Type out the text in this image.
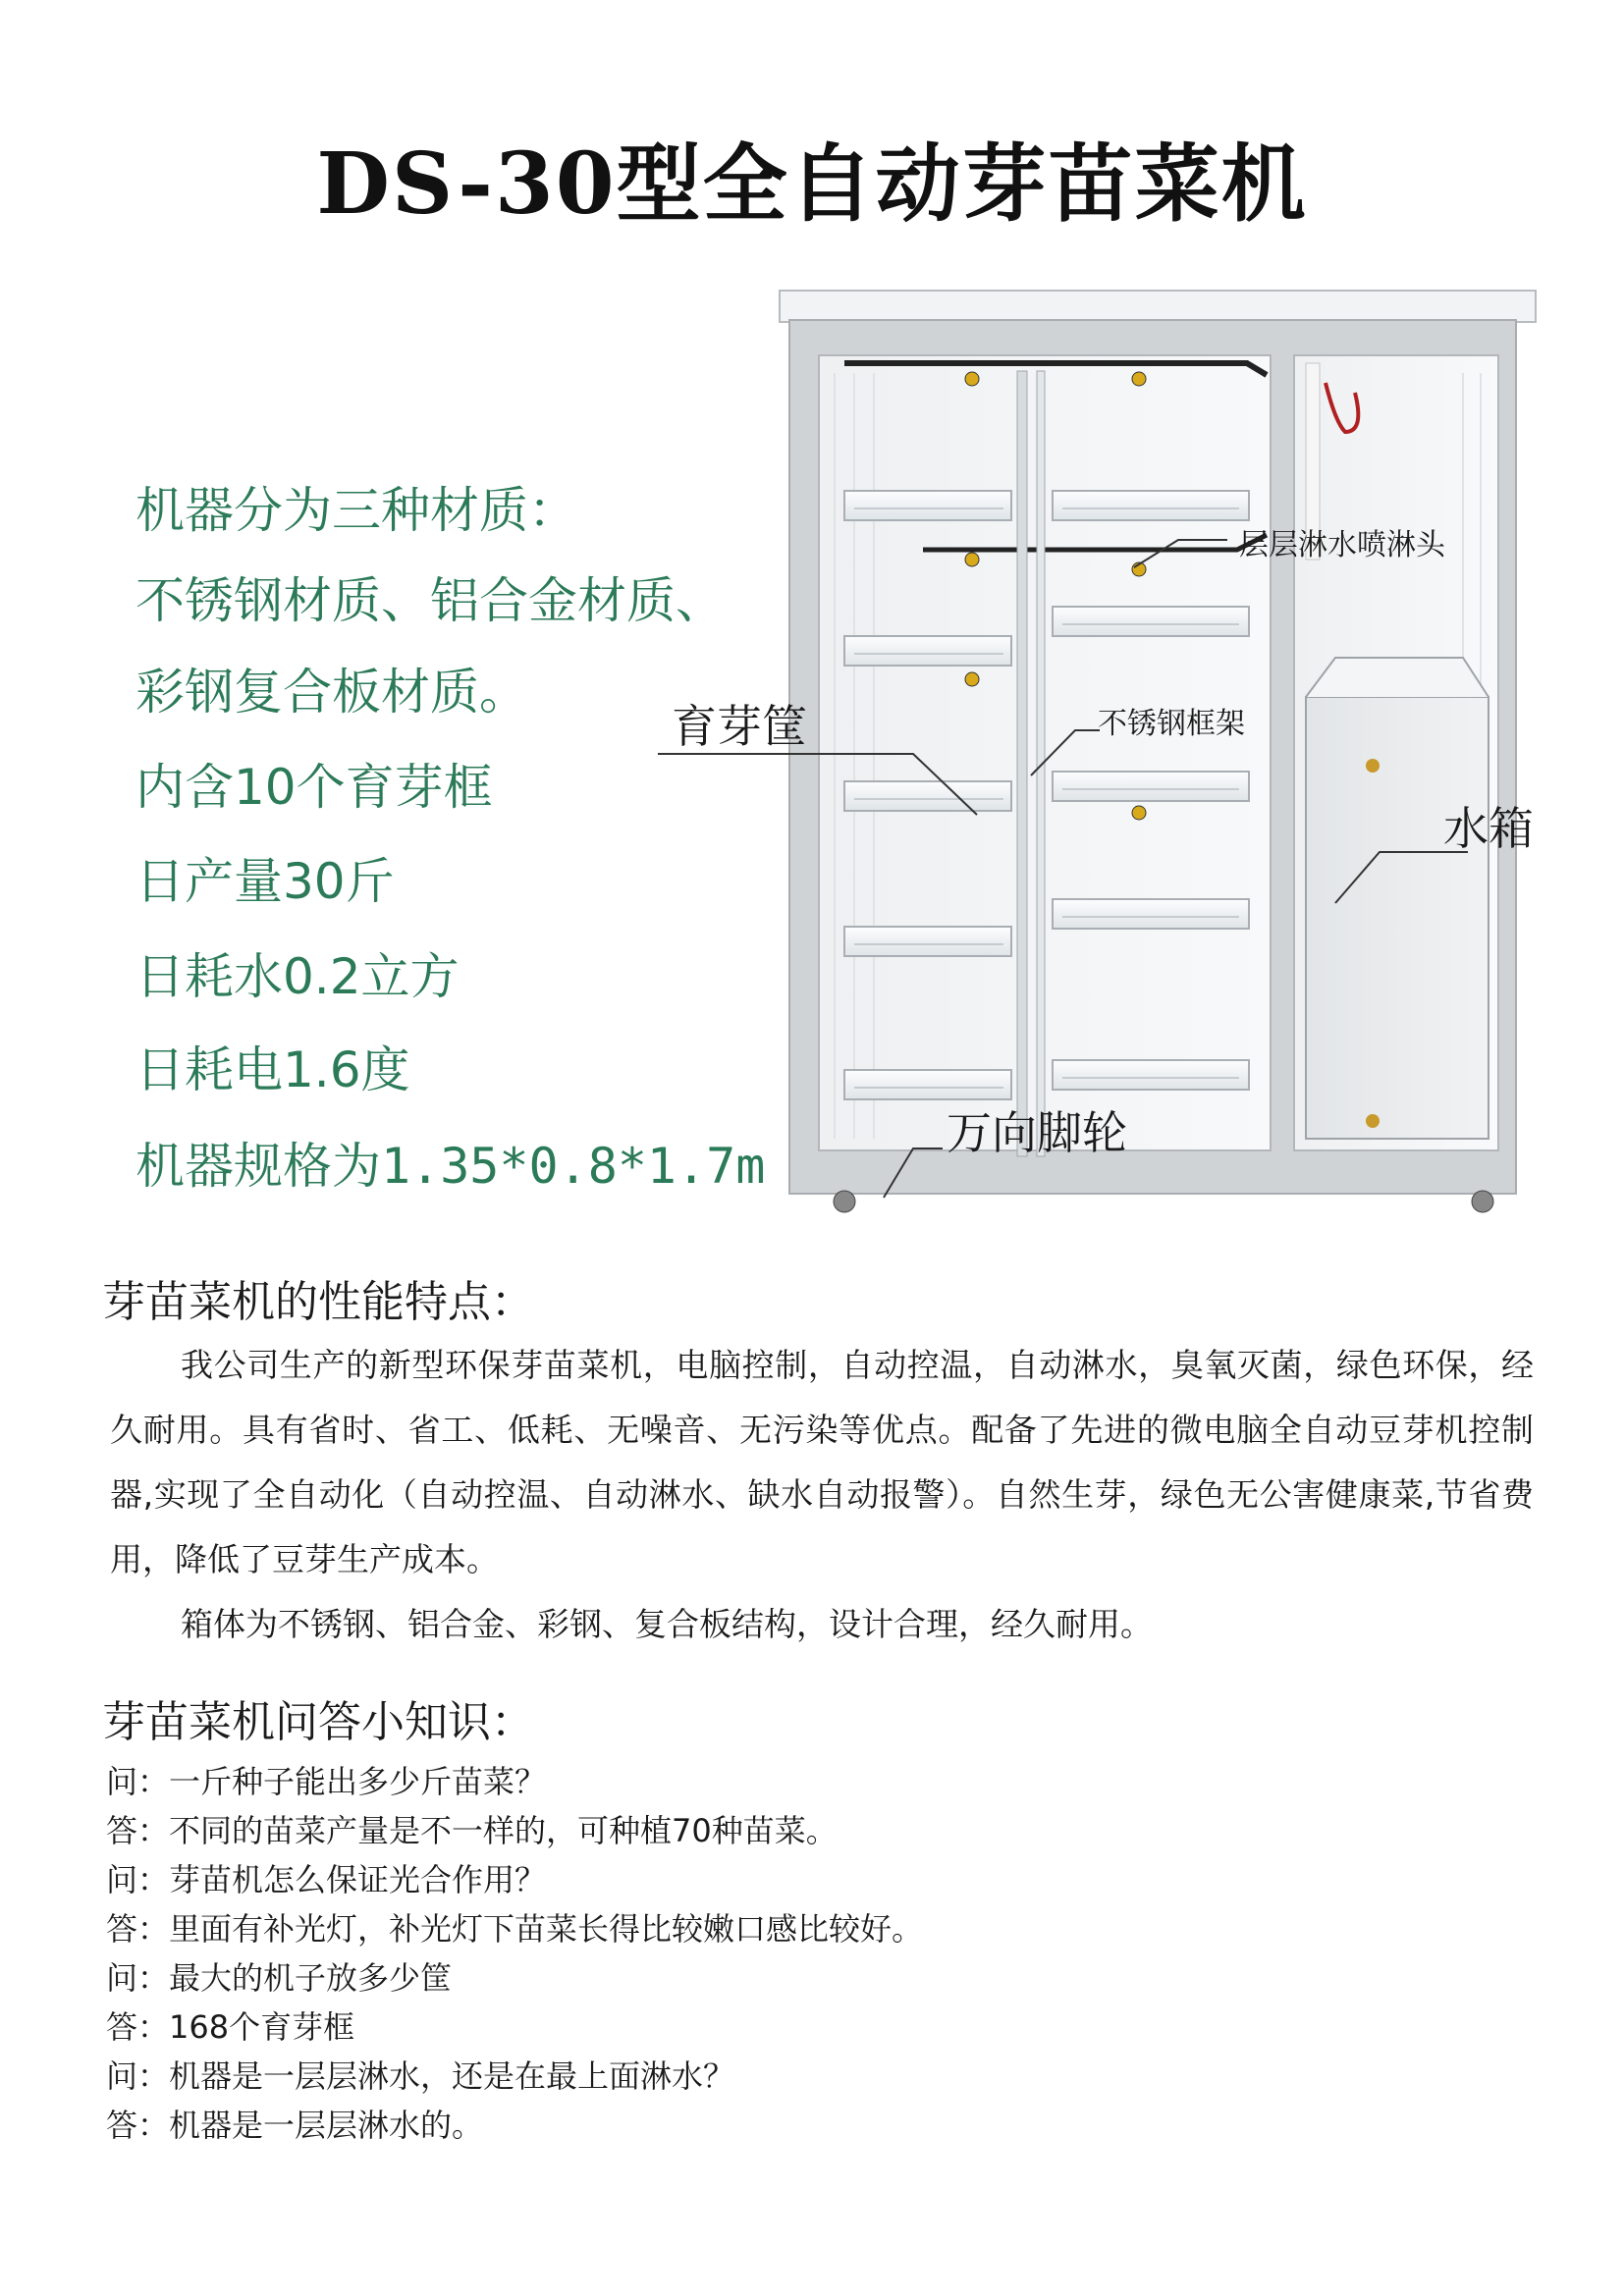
DS-30型全自动芽苗菜机
机器分为三种材质：
不锈钢材质、铝合金材质、
彩钢复合板材质。
内含10个育芽框
日产量30斤
日耗水0.2立方
日耗电1.6度
机器规格为1.35*0.8*1.7m
层层淋水喷淋头
育芽筐	不锈钢框架
水箱
万向脚轮
芽苗菜机的性能特点：
我公司生产的新型环保芽苗菜机，电脑控制，自动控温，自动淋水，臭氧灭菌，绿色环保，经久耐用。具有省时、省工、低耗、无噪音、无污染等优点。配备了先进的微电脑全自动豆芽机控制器,实现了全自动化（自动控温、自动淋水、缺水自动报警）。自然生芽，绿色无公害健康菜,节省费用，降低了豆芽生产成本。
箱体为不锈钢、铝合金、彩钢、复合板结构，设计合理，经久耐用。
芽苗菜机问答小知识：
问：一斤种子能出多少斤苗菜？
答：不同的苗菜产量是不一样的，可种植70种苗菜。
问：芽苗机怎么保证光合作用？
答：里面有补光灯，补光灯下苗菜长得比较嫩口感比较好。
问：最大的机子放多少筐
答：168个育芽框
问：机器是一层层淋水，还是在最上面淋水？
答：机器是一层层淋水的。
